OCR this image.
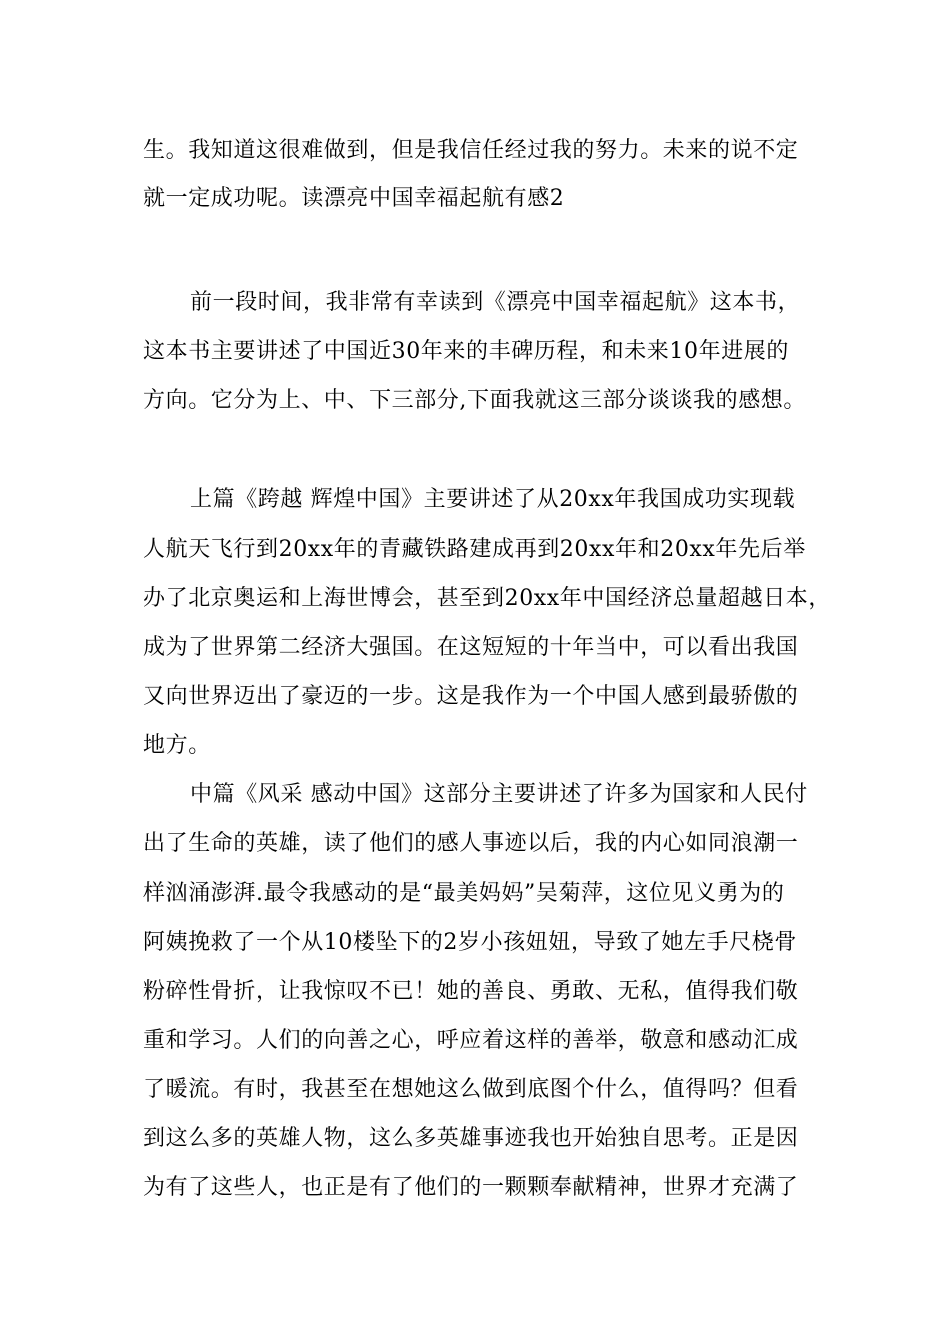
生。我知道这很难做到，但是我信任经过我的努力。未来的说不定
就一定成功呢。读漂亮中国幸福起航有感2
前一段时间，我非常有幸读到《漂亮中国幸福起航》这本书，
这本书主要讲述了中国近30年来的丰碑历程，和未来10年进展的
方向。它分为上、中、下三部分,下面我就这三部分谈谈我的感想。
上篇《跨越 辉煌中国》主要讲述了从20xx年我国成功实现载
人航天飞行到20xx年的青藏铁路建成再到20xx年和20xx年先后举
办了北京奥运和上海世博会，甚至到20xx年中国经济总量超越日本，
成为了世界第二经济大强国。在这短短的十年当中，可以看出我国
又向世界迈出了豪迈的一步。这是我作为一个中国人感到最骄傲的
地方。
中篇《风采 感动中国》这部分主要讲述了许多为国家和人民付
出了生命的英雄，读了他们的感人事迹以后，我的内心如同浪潮一
样汹涌澎湃.最令我感动的是“最美妈妈”吴菊萍，这位见义勇为的
阿姨挽救了一个从10楼坠下的2岁小孩妞妞，导致了她左手尺桡骨
粉碎性骨折，让我惊叹不已！她的善良、勇敢、无私，值得我们敬
重和学习。人们的向善之心，呼应着这样的善举，敬意和感动汇成
了暖流。有时，我甚至在想她这么做到底图个什么，值得吗？但看
到这么多的英雄人物，这么多英雄事迹我也开始独自思考。正是因
为有了这些人，也正是有了他们的一颗颗奉献精神，世界才充满了
